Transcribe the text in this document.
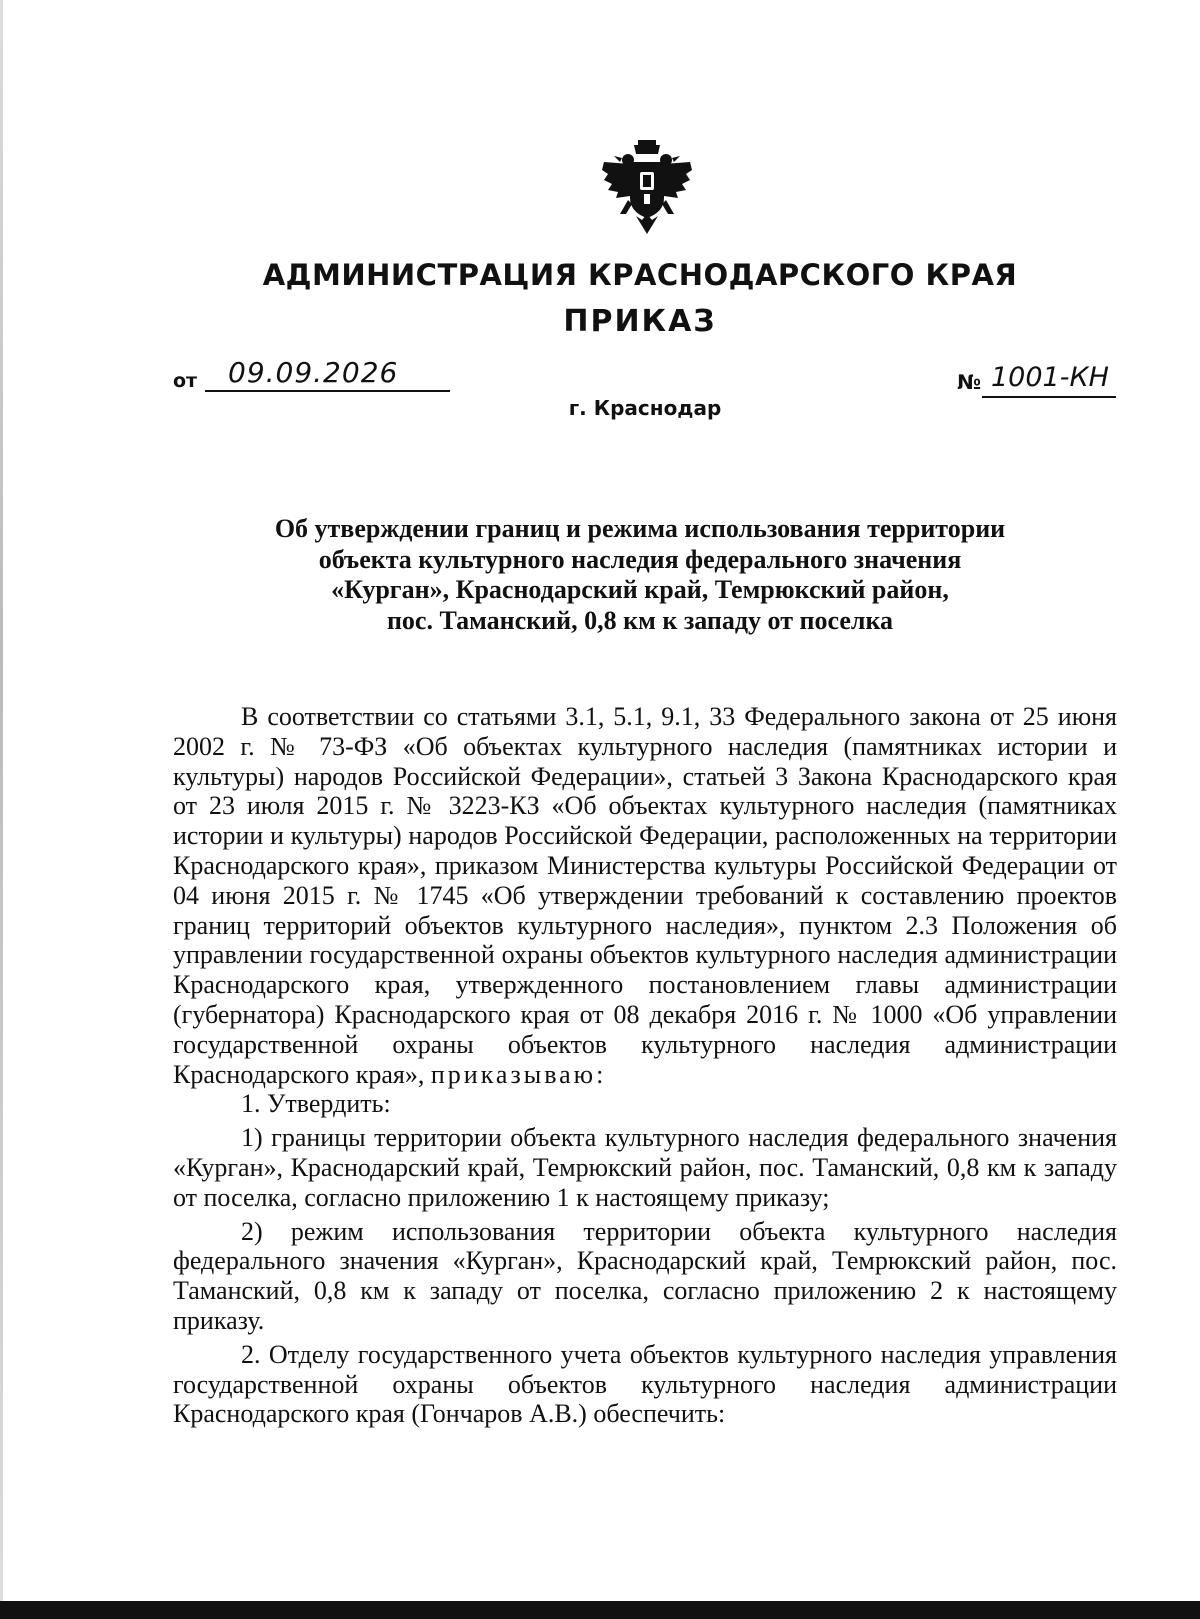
АДМИНИСТРАЦИЯ КРАСНОДАРСКОГО КРАЯ
ПРИКАЗ
от 09.09.2026	№ 1001-КН
г. Краснодар
Об утверждении границ и режима использования территории
объекта культурного наследия федерального значения
«Курган», Краснодарский край, Темрюкский район,
пос. Таманский, 0,8 км к западу от поселка

В соответствии со статьями 3.1, 5.1, 9.1, 33 Федерального закона от 25 июня 2002 г. № 73-ФЗ «Об объектах культурного наследия (памятниках истории и культуры) народов Российской Федерации», статьей 3 Закона Краснодарского края от 23 июля 2015 г. № 3223-КЗ «Об объектах культурного наследия (памятниках истории и культуры) народов Российской Федерации, расположенных на территории Краснодарского края», приказом Министерства культуры Российской Федерации от 04 июня 2015 г. № 1745 «Об утверждении требований к составлению проектов границ территорий объектов культурного наследия», пунктом 2.3 Положения об управлении государственной охраны объектов культурного наследия администрации Краснодарского края, утвержденного постановлением главы администрации (губернатора) Краснодарского края от 08 декабря 2016 г. № 1000 «Об управлении государственной охраны объектов культурного наследия администрации Краснодарского края», приказываю:

1. Утвердить:

1) границы территории объекта культурного наследия федерального значения «Курган», Краснодарский край, Темрюкский район, пос. Таманский, 0,8 км к западу от поселка, согласно приложению 1 к настоящему приказу;

2) режим использования территории объекта культурного наследия федерального значения «Курган», Краснодарский край, Темрюкский район, пос. Таманский, 0,8 км к западу от поселка, согласно приложению 2 к настоящему приказу.

2. Отделу государственного учета объектов культурного наследия управления государственной охраны объектов культурного наследия администрации Краснодарского края (Гончаров А.В.) обеспечить:
